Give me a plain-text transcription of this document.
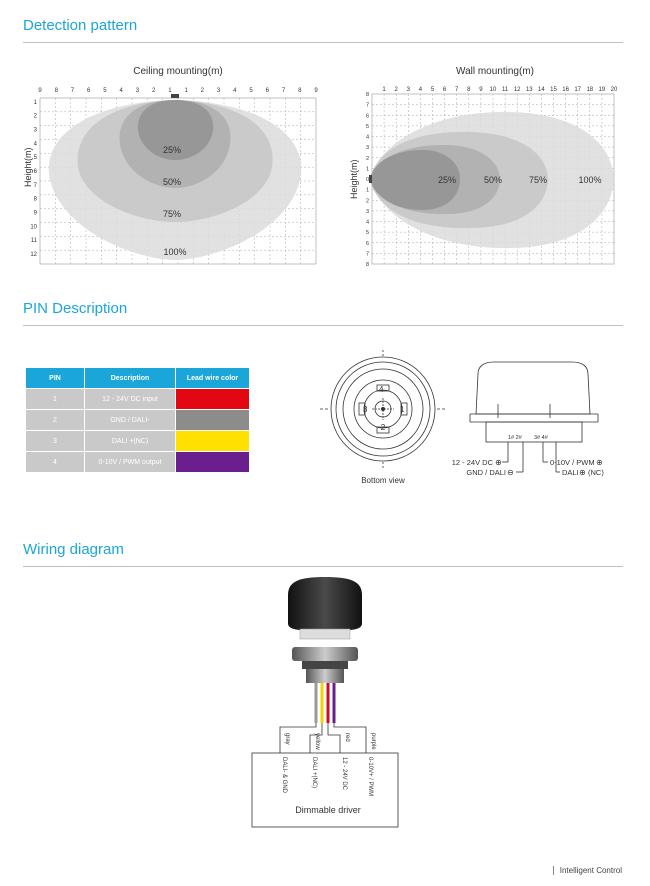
Detection pattern
Ceiling mounting(m)
Height(m)
9 8 7 6 5 4 3 2 1 1 2 3 4 5 6 7 8 9
1
2
3
4
5
6
7
8
9
10
11
12
25%
50%
75%
100%
Wall mounting(m)
Height(m)
1 2 3 4 5 6 7 8 9 10 11 12 13 14 15 16 17 18 19 20
8
7
6
5
4
3
2
1
0
1
2
3
4
5
6
7
8
25%	50%	75%	100%
PIN Description
PIN	Description	Lead wire color
1	12 - 24V DC input	
2	GND / DALI-	
3	DALI +(NC)	
4	0-10V / PWM output	
1
2
3
4
Bottom view
1# 2# 3# 4#
12 - 24V DC ⊕
GND / DALI ⊖
0-10V / PWM ⊕
DALI ⊕ (NC)
Wiring diagram
gray	yellow	red	purple
DALI- & GND	DALI +(NC)	12 - 24V DC	0-10V+ / PWM
Dimmable driver
Intelligent Control
